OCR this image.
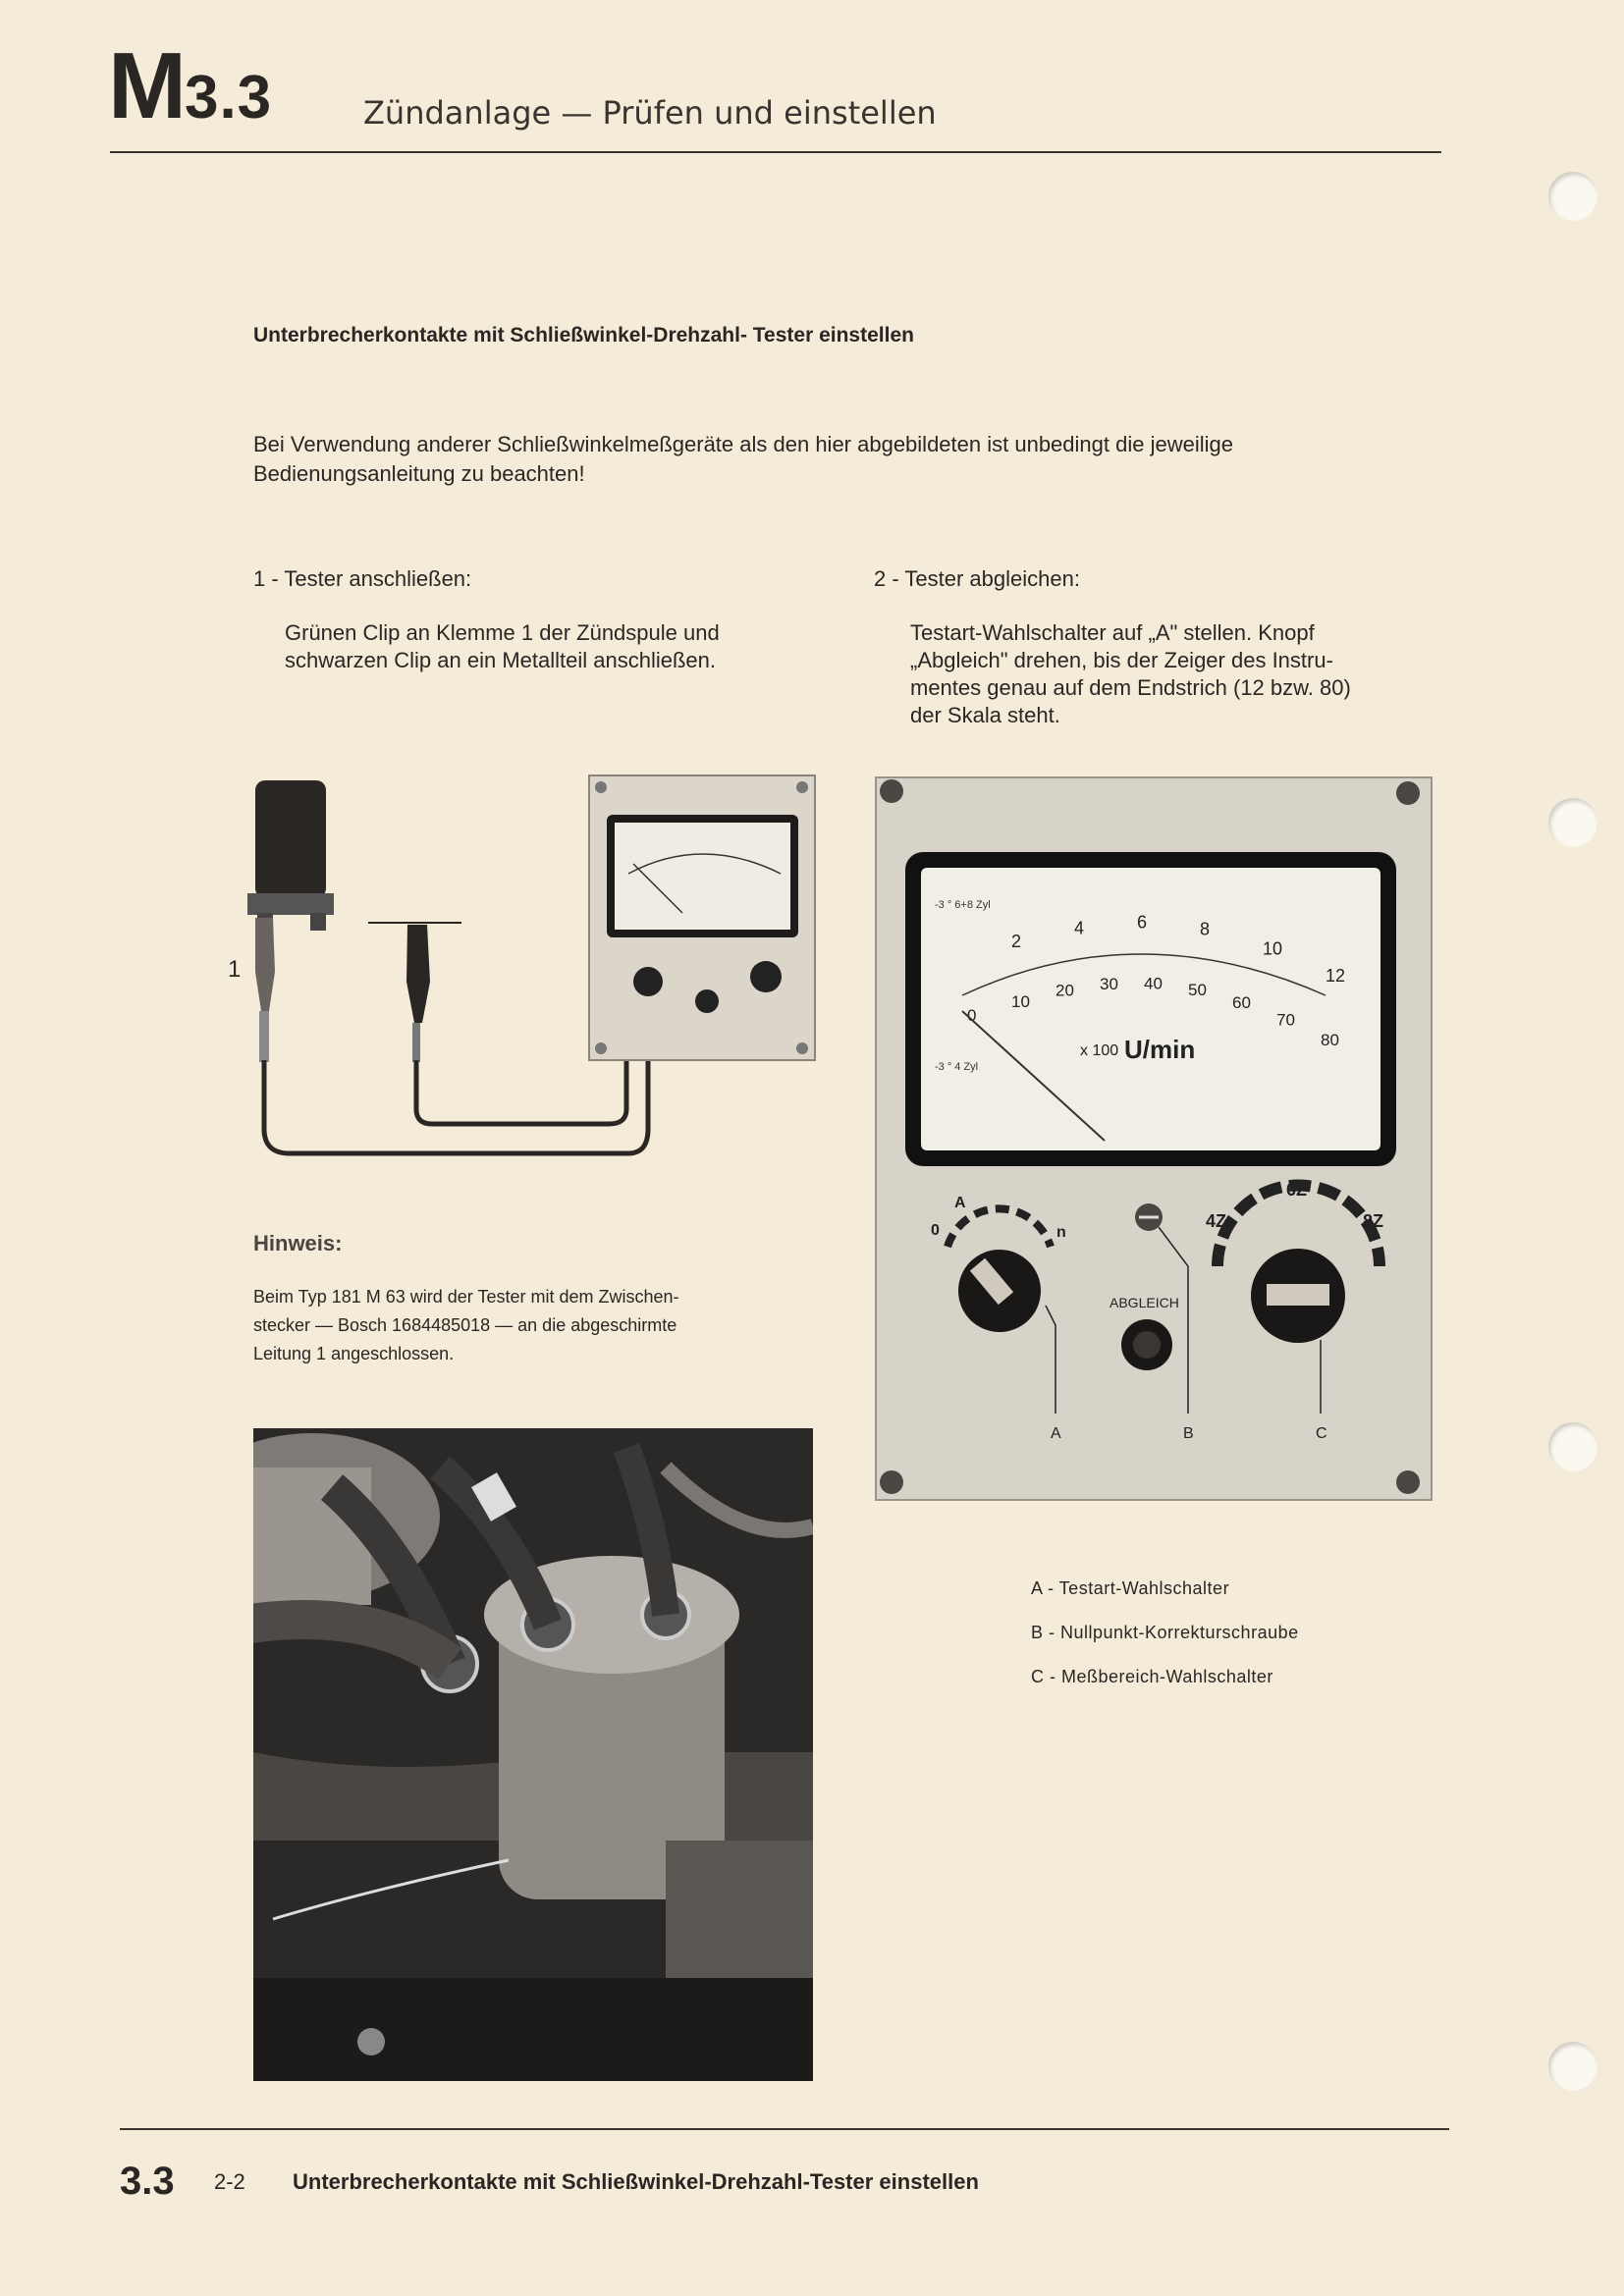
M3.3	Zündanlage — Prüfen und einstellen
Unterbrecherkontakte mit Schließwinkel-Drehzahl- Tester einstellen
Bei Verwendung anderer Schließwinkelmeßgeräte als den hier abgebildeten ist unbedingt die jeweilige Bedienungsanleitung zu beachten!
1 - Tester anschließen:
Grünen Clip an Klemme 1 der Zündspule und
schwarzen Clip an ein Metallteil anschließen.
2 - Tester abgleichen:
Testart-Wahlschalter auf „A" stellen. Knopf
„Abgleich" drehen, bis der Zeiger des Instru-
mentes genau auf dem Endstrich (12 bzw. 80)
der Skala steht.
1
-3 ° 6+8 Zyl
-3 ° 4 Zyl
0
10
20 30 40 50
60
70
80
2
4	6	8
10
12
x 100 U/min
A
0	n
ABGLEICH
6Z
4Z	8Z
A	B	C
Hinweis:
Beim Typ 181 M 63 wird der Tester mit dem Zwischen-
stecker — Bosch 1684485018 — an die abgeschirmte
Leitung 1 angeschlossen.
A - Testart-Wahlschalter
B - Nullpunkt-Korrekturschraube
C - Meßbereich-Wahlschalter
3.3 2-2 Unterbrecherkontakte mit Schließwinkel-Drehzahl-Tester einstellen
